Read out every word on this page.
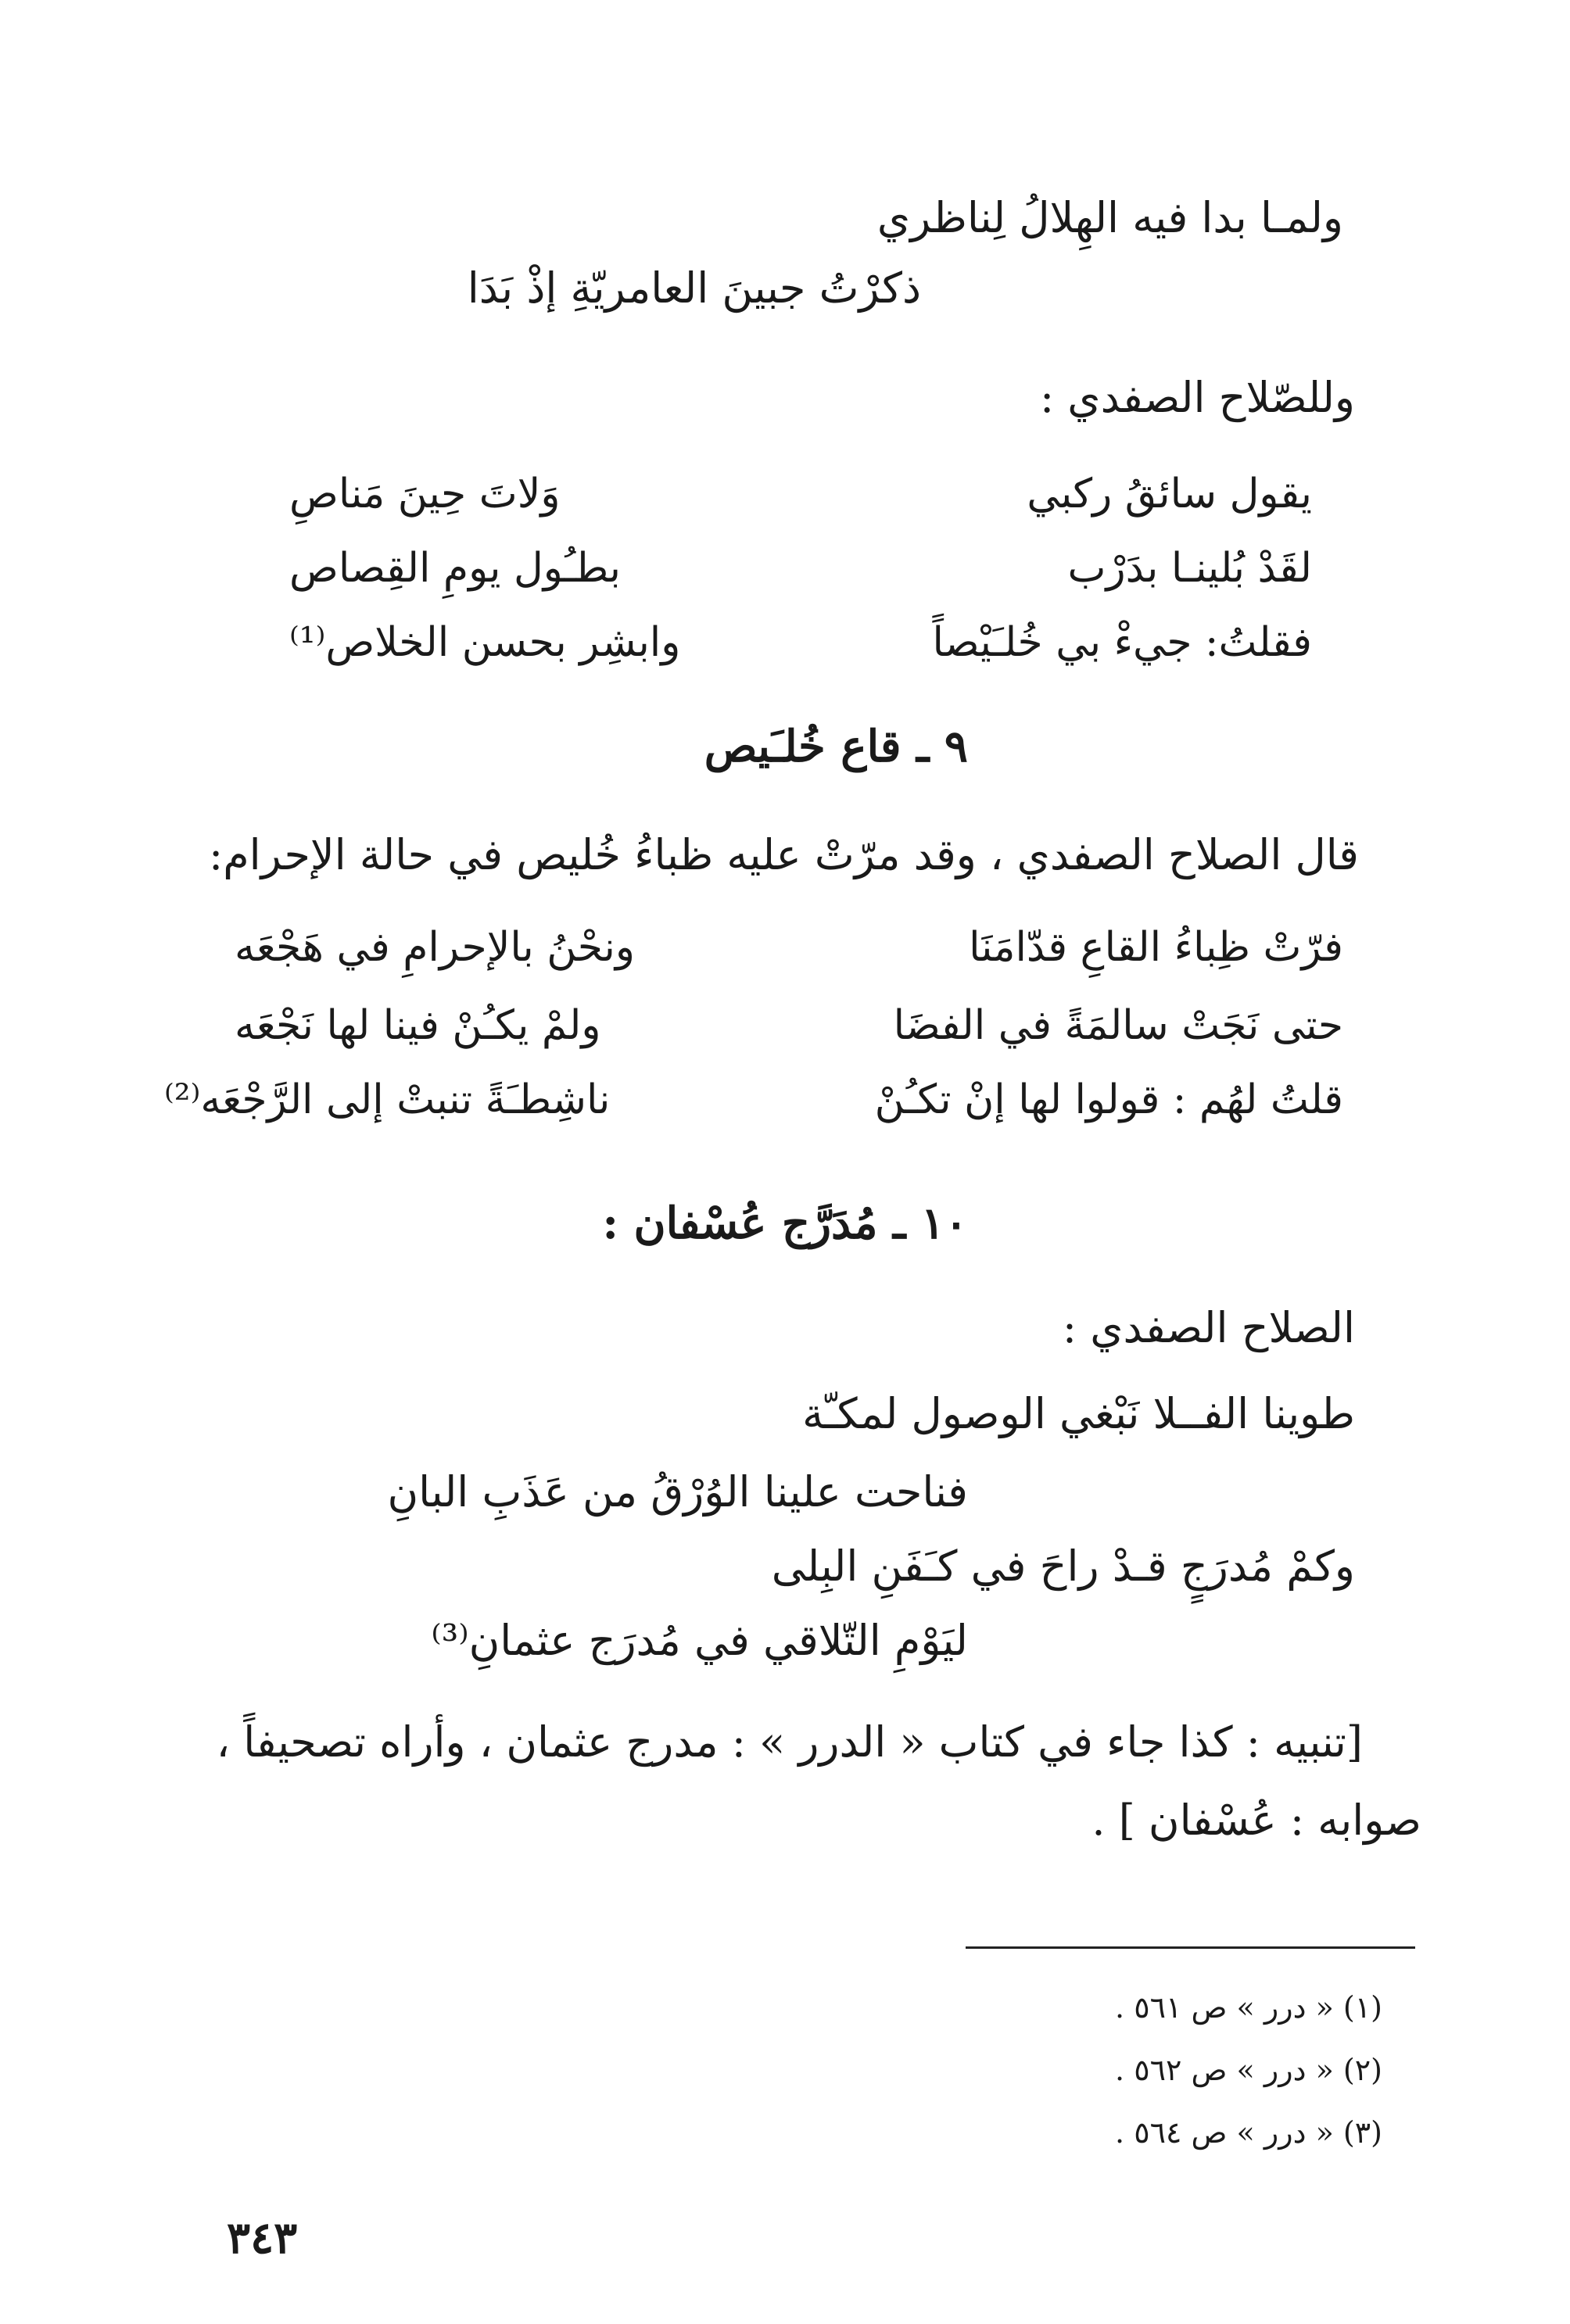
ولمـا بدا فيه الهِلالُ لِناظري
ذكرْتُ جبينَ العامريّةِ إذْ بَدَا
وللصّلاح الصفدي :
يقول سائقُ ركبي
وَلاتَ حِينَ مَناصِ
لقَدْ بُلينـا بدَرْب
بطـُول يومِ القِصاص
فقلتُ: جيءْ بي خُلـَيْصاً
وابشِر بحسن الخلاص⁽¹⁾
٩ ـ قاع خُلـَيص
قال الصلاح الصفدي ، وقد مرّتْ عليه ظباءُ خُليص في حالة الإحرام:
فرّتْ ظِباءُ القاعِ قدّامَنَا
ونحْنُ بالإحرامِ في هَجْعَه
حتى نَجَتْ سالمَةً في الفضَا
ولمْ يكـُنْ فينا لها نَجْعَه
قلتُ لهُم : قولوا لها إنْ تكـُنْ
ناشِطـَةً تنبتْ إلى الرَّجْعَه⁽²⁾
١٠ ـ مُدَرَّج عُسْفان :
الصلاح الصفدي :
طوينا الفــلا نَبْغي الوصول لمكـّة
فناحت علينا الوُرْقُ من عَذَبِ البانِ
وكمْ مُدرَجٍ قـدْ راحَ في كـَفَنِ البِلى
ليَوْمِ التّلاقي في مُدرَج عثمانِ⁽³⁾
[تنبيه : كذا جاء في كتاب « الدرر » : مدرج عثمان ، وأراه تصحيفاً ،
صوابه : عُسْفان ] .
(١) « درر » ص ٥٦١ .
(٢) « درر » ص ٥٦٢ .
(٣) « درر » ص ٥٦٤ .
٣٤٣
